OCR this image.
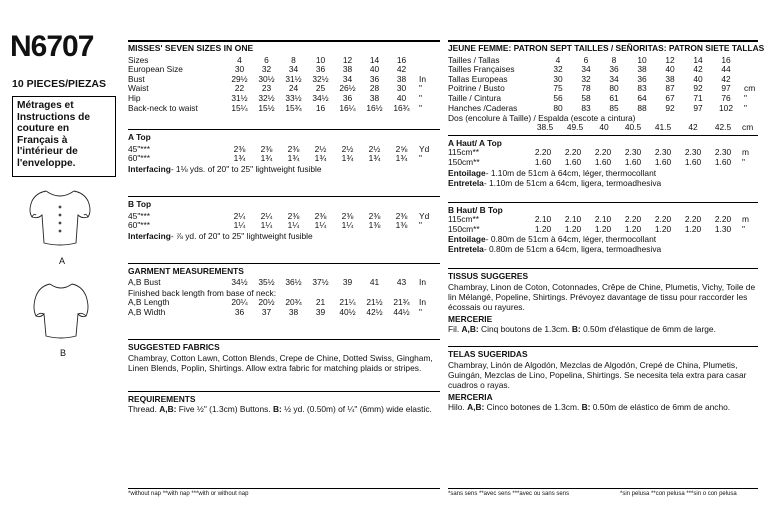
N6707
10 PIECES/PIEZAS
Métrages et Instructions de couture en Français à l'intérieur de l'enveloppe.
A
B
MISSES' SEVEN SIZES IN ONE
Sizes	4	6	8	10	12	14	16	
European Size	30	32	34	36	38	40	42	
Bust	29½	30½	31½	32½	34	36	38	In
Waist	22	23	24	25	26½	28	30	"
Hip	31½	32½	33½	34½	36	38	40	"
Back-neck to waist	15¼	15½	15¾	16	16¼	16½	16¾	"
A Top
45"***	2⅜	2⅜	2⅜	2½	2½	2½	2⅝	Yd
60"***	1¾	1¾	1¾	1¾	1¾	1¾	1¾	"
Interfacing- 1⅛ yds. of 20" to 25" lightweight fusible
B Top
45"***	2¼	2¼	2⅜	2⅜	2⅜	2⅜	2⅜	Yd
60"***	1¼	1¼	1¼	1¼	1¼	1⅜	1⅜	"
Interfacing- ⅞ yd. of 20" to 25" lightweight fusible
GARMENT MEASUREMENTS
A,B Bust	34½	35½	36½	37½	39	41	43	In
Finished back length from base of neck:
A,B Length	20¼	20½	20¾	21	21¼	21½	21¾	In
A,B Width	36	37	38	39	40½	42½	44½	"
SUGGESTED FABRICS
Chambray, Cotton Lawn, Cotton Blends, Crepe de Chine, Dotted Swiss, Gingham, Linen Blends, Poplin, Shirtings. Allow extra fabric for matching plaids or stripes.
REQUIREMENTS
Thread. A,B: Five ½" (1.3cm) Buttons. B: ½ yd. (0.50m) of ¼" (6mm) wide elastic.
*without nap **with nap ***with or without nap
JEUNE FEMME: PATRON SEPT TAILLES / SEÑORITAS: PATRON SIETE TALLAS
Tailles / Tallas	4	6	8	10	12	14	16	
Tailles Françaises	32	34	36	38	40	42	44	
Tallas Europeas	30	32	34	36	38	40	42	
Poitrine / Busto	75	78	80	83	87	92	97	cm
Taille / Cintura	56	58	61	64	67	71	76	"
Hanches /Caderas	80	83	85	88	92	97	102	"
Dos (encolure à Taille) / Espalda (escote a cintura)
	38.5	49.5	40	40.5	41.5	42	42.5	cm
A Haut/ A Top
115cm**	2.20	2.20	2.20	2.30	2.30	2.30	2.30	m
150cm**	1.60	1.60	1.60	1.60	1.60	1.60	1.60	"
Entoilage- 1.10m de 51cm à 64cm, léger, thermocollant
Entretela- 1.10m de 51cm a 64cm, ligera, termoadhesiva
B Haut/ B Top
115cm**	2.10	2.10	2.10	2.20	2.20	2.20	2.20	m
150cm**	1.20	1.20	1.20	1.20	1.20	1.20	1.30	"
Entoilage- 0.80m de 51cm à 64cm, léger, thermocollant
Entretela- 0.80m de 51cm a 64cm, ligera, termoadhesiva
TISSUS SUGGERES
Chambray, Linon de Coton, Cotonnades, Crêpe de Chine, Plumetis, Vichy, Toile de lin Mélangé, Popeline, Shirtings. Prévoyez davantage de tissu pour raccorder les écossais ou rayures.
MERCERIE
Fil. A,B: Cinq boutons de 1.3cm. B: 0.50m d'élastique de 6mm de large.
TELAS SUGERIDAS
Chambray, Linón de Algodón, Mezclas de Algodón, Crepé de China, Plumetis, Guingán, Mezclas de Lino, Popelina, Shirtings. Se necesita tela extra para casar cuadros o rayas.
MERCERIA
Hilo. A,B: Cinco botones de 1.3cm. B: 0.50m de elástico de 6mm de ancho.
*sans sens **avec sens ***avec ou sans sens	*sin pelusa **con pelusa ***sin o con pelusa
